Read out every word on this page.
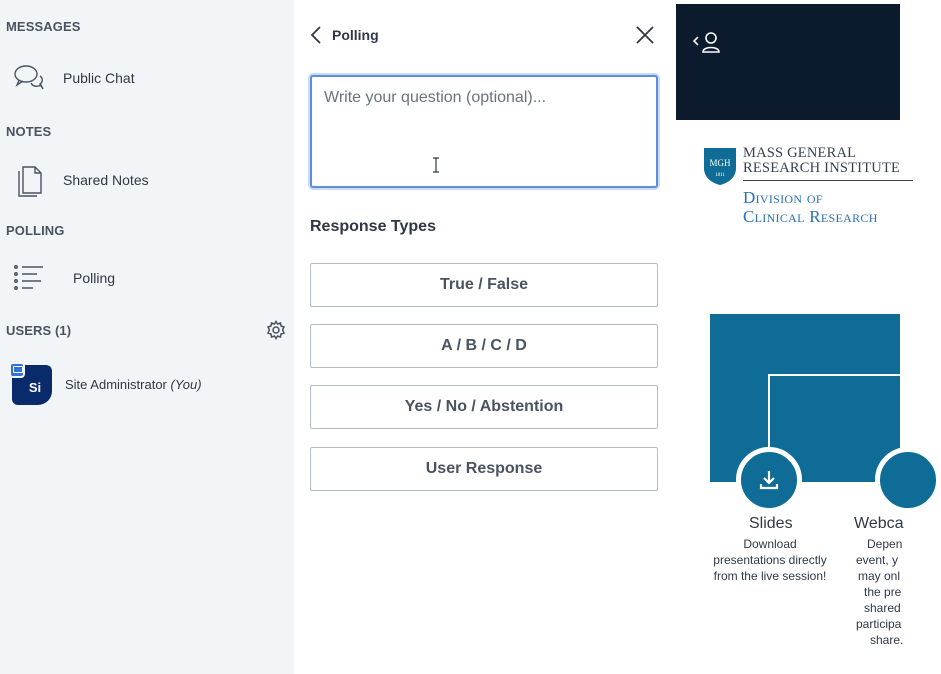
MESSAGES
Public Chat
NOTES
Shared Notes
POLLING
Polling
USERS (1)
Si Site Administrator (You)
Polling
Write your question (optional)...
Response Types
True / False
A / B / C / D
Yes / No / Abstention
User Response
MGH
1811
MASS GENERAL
RESEARCH INSTITUTE
Division of
Clinical Research
Slides
Download
presentations directly
from the live session!
Webca
Depen
event, y
may onl
the pre
shared
participa
share.
